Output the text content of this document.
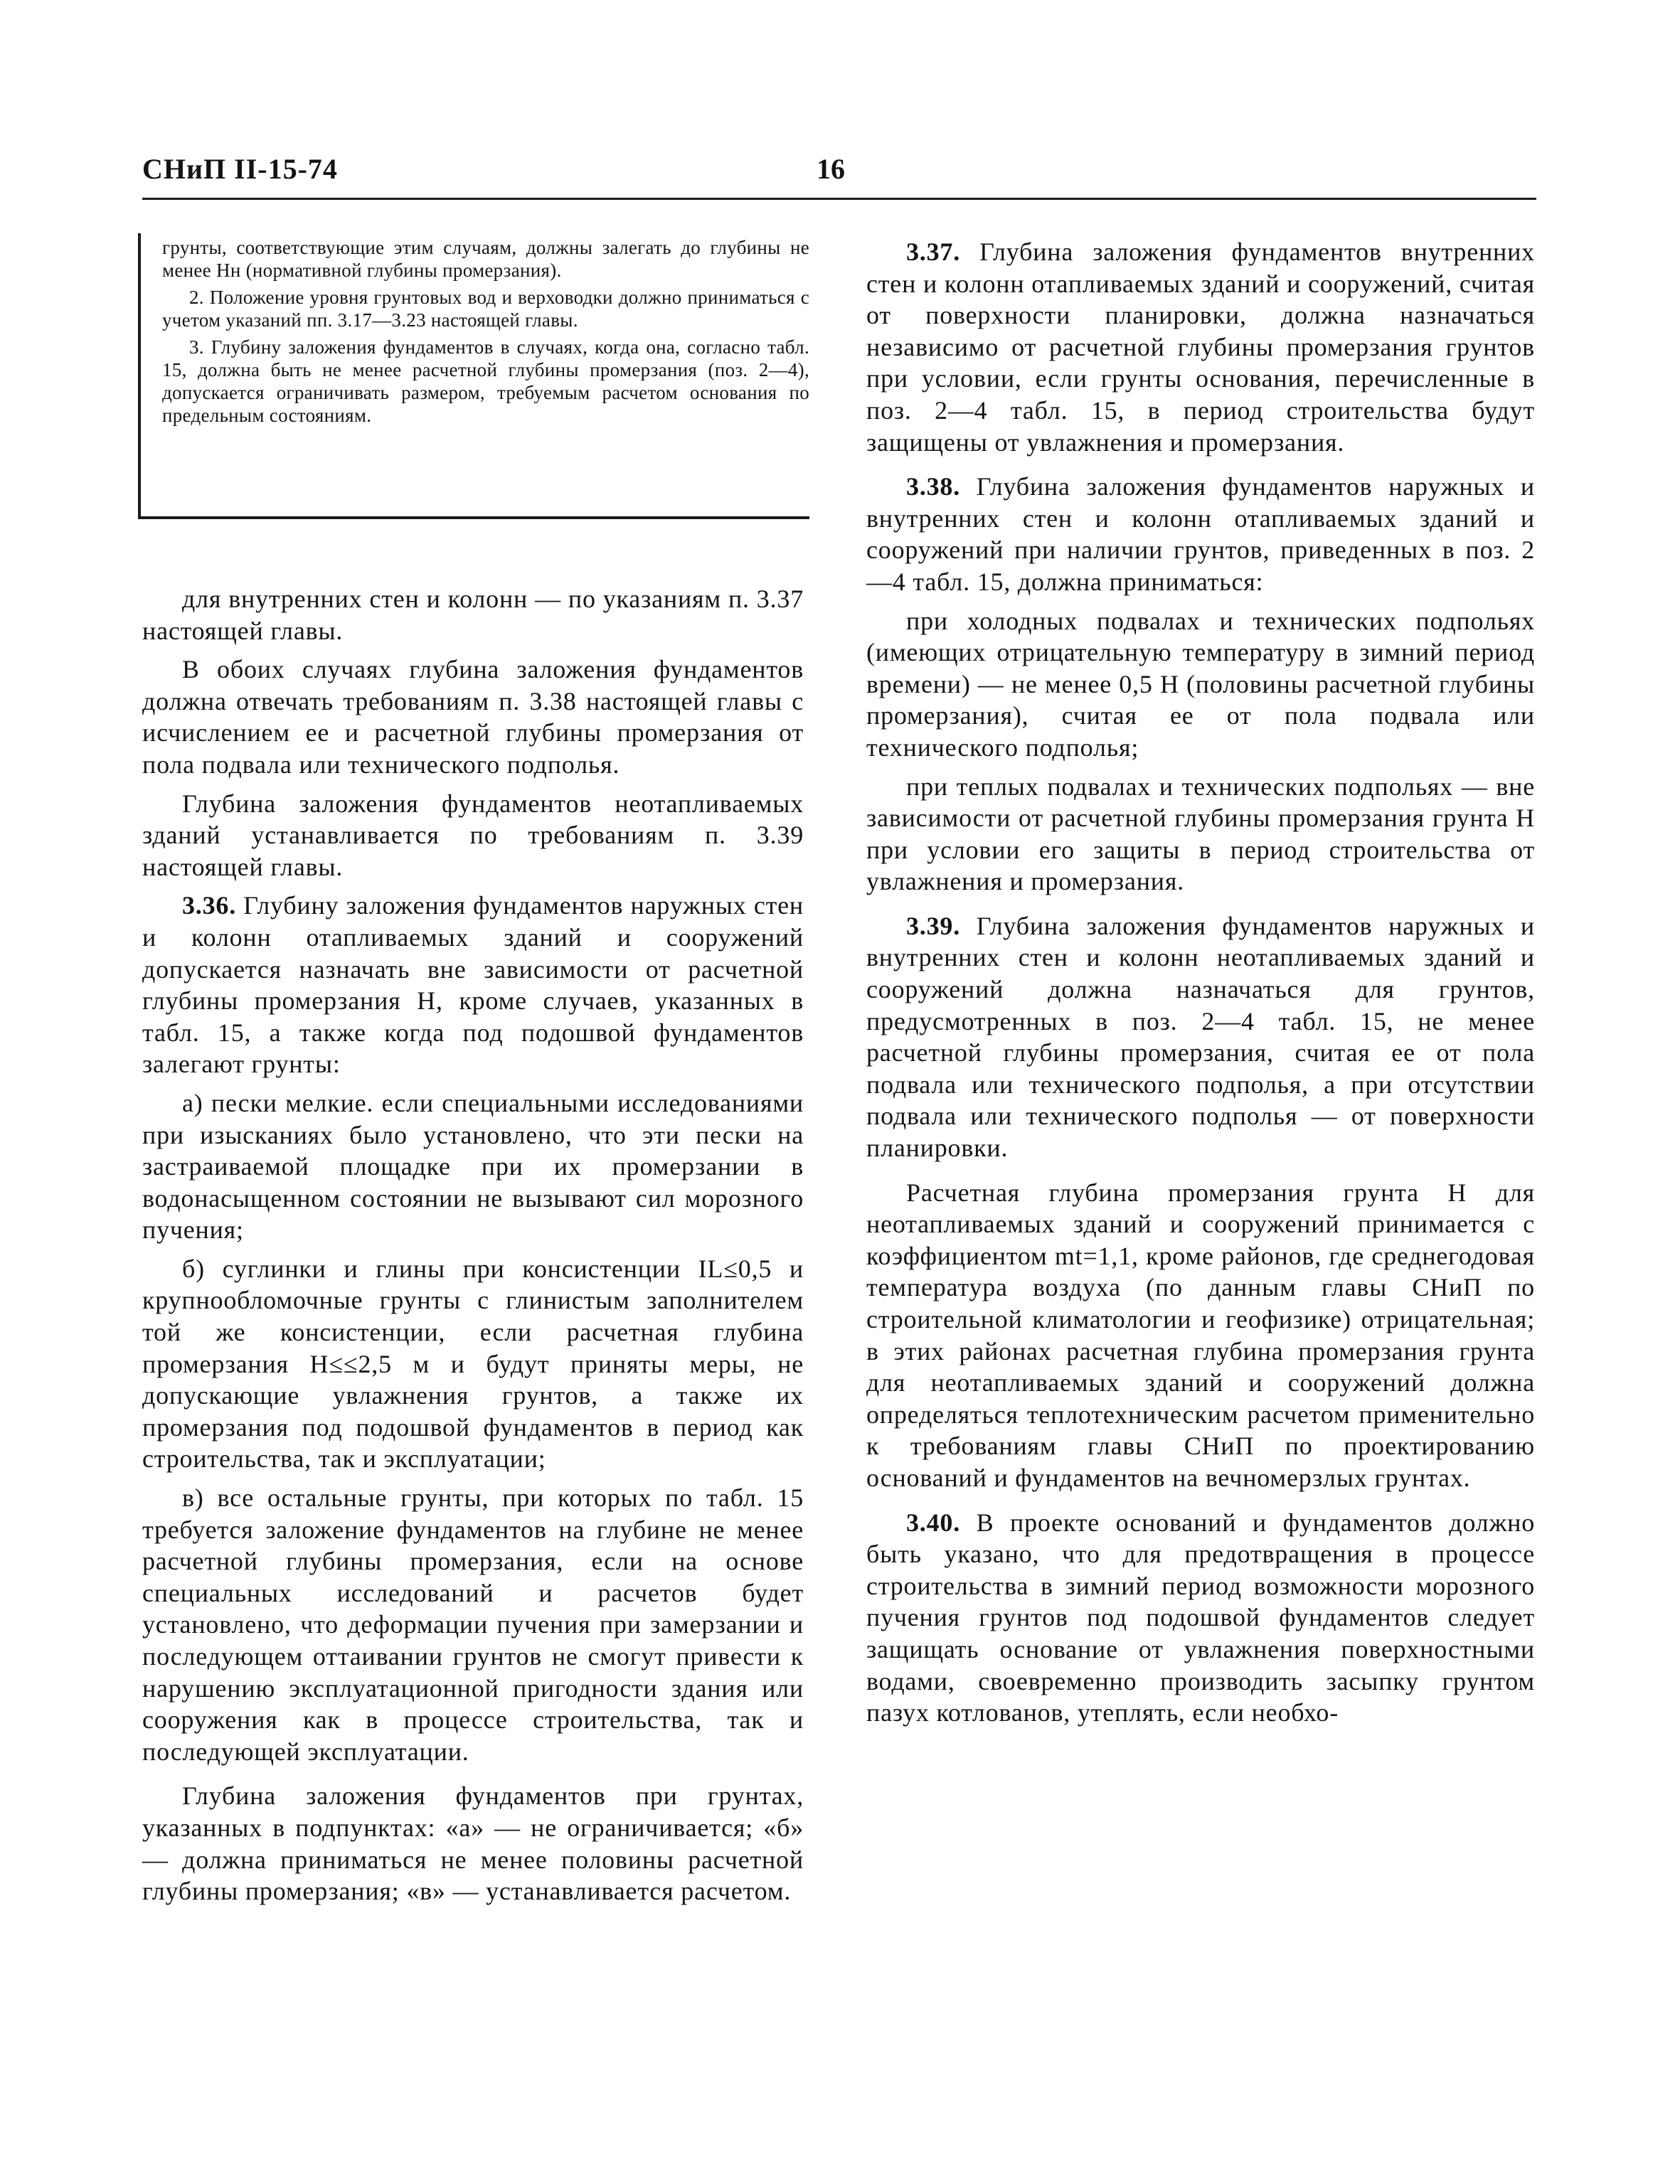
СНиП II-15-74	16

грунты, соответствующие этим случаям, должны залегать до глубины не менее Hн (нормативной глубины промерзания).

2. Положение уровня грунтовых вод и верховодки должно приниматься с учетом указаний пп. 3.17—3.23 настоящей главы.

3. Глубину заложения фундаментов в случаях, когда она, согласно табл. 15, должна быть не менее расчетной глубины промерзания (поз. 2—4), допускается ограничивать размером, требуемым расчетом основания по предельным состояниям.

для внутренних стен и колонн — по указаниям п. 3.37 настоящей главы.

В обоих случаях глубина заложения фундаментов должна отвечать требованиям п. 3.38 настоящей главы с исчислением ее и расчетной глубины промерзания от пола подвала или технического подполья.

Глубина заложения фундаментов неотапливаемых зданий устанавливается по требованиям п. 3.39 настоящей главы.

3.36. Глубину заложения фундаментов наружных стен и колонн отапливаемых зданий и сооружений допускается назначать вне зависимости от расчетной глубины промерзания H, кроме случаев, указанных в табл. 15, а также когда под подошвой фундаментов залегают грунты:

а) пески мелкие. если специальными исследованиями при изысканиях было установлено, что эти пески на застраиваемой площадке при их промерзании в водонасыщенном состоянии не вызывают сил морозного пучения;

б) суглинки и глины при консистенции IL≤0,5 и крупнообломочные грунты с глинистым заполнителем той же консистенции, если расчетная глубина промерзания H≤≤2,5 м и будут приняты меры, не допускающие увлажнения грунтов, а также их промерзания под подошвой фундаментов в период как строительства, так и эксплуатации;

в) все остальные грунты, при которых по табл. 15 требуется заложение фундаментов на глубине не менее расчетной глубины промерзания, если на основе специальных исследований и расчетов будет установлено, что деформации пучения при замерзании и последующем оттаивании грунтов не смогут привести к нарушению эксплуатационной пригодности здания или сооружения как в процессе строительства, так и последующей эксплуатации.

Глубина заложения фундаментов при грунтах, указанных в подпунктах: «а» — не ограничивается; «б» — должна приниматься не менее половины расчетной глубины промерзания; «в» — устанавливается расчетом.

3.37. Глубина заложения фундаментов внутренних стен и колонн отапливаемых зданий и сооружений, считая от поверхности планировки, должна назначаться независимо от расчетной глубины промерзания грунтов при условии, если грунты основания, перечисленные в поз. 2—4 табл. 15, в период строительства будут защищены от увлажнения и промерзания.

3.38. Глубина заложения фундаментов наружных и внутренних стен и колонн отапливаемых зданий и сооружений при наличии грунтов, приведенных в поз. 2—4 табл. 15, должна приниматься:

при холодных подвалах и технических подпольях (имеющих отрицательную температуру в зимний период времени) — не менее 0,5 H (половины расчетной глубины промерзания), считая ее от пола подвала или технического подполья;

при теплых подвалах и технических подпольях — вне зависимости от расчетной глубины промерзания грунта H при условии его защиты в период строительства от увлажнения и промерзания.

3.39. Глубина заложения фундаментов наружных и внутренних стен и колонн неотапливаемых зданий и сооружений должна назначаться для грунтов, предусмотренных в поз. 2—4 табл. 15, не менее расчетной глубины промерзания, считая ее от пола подвала или технического подполья, а при отсутствии подвала или технического подполья — от поверхности планировки.

Расчетная глубина промерзания грунта H для неотапливаемых зданий и сооружений принимается с коэффициентом mt=1,1, кроме районов, где среднегодовая температура воздуха (по данным главы СНиП по строительной климатологии и геофизике) отрицательная; в этих районах расчетная глубина промерзания грунта для неотапливаемых зданий и сооружений должна определяться теплотехническим расчетом применительно к требованиям главы СНиП по проектированию оснований и фундаментов на вечномерзлых грунтах.

3.40. В проекте оснований и фундаментов должно быть указано, что для предотвращения в процессе строительства в зимний период возможности морозного пучения грунтов под подошвой фундаментов следует защищать основание от увлажнения поверхностными водами, своевременно производить засыпку грунтом пазух котлованов, утеплять, если необхо-
